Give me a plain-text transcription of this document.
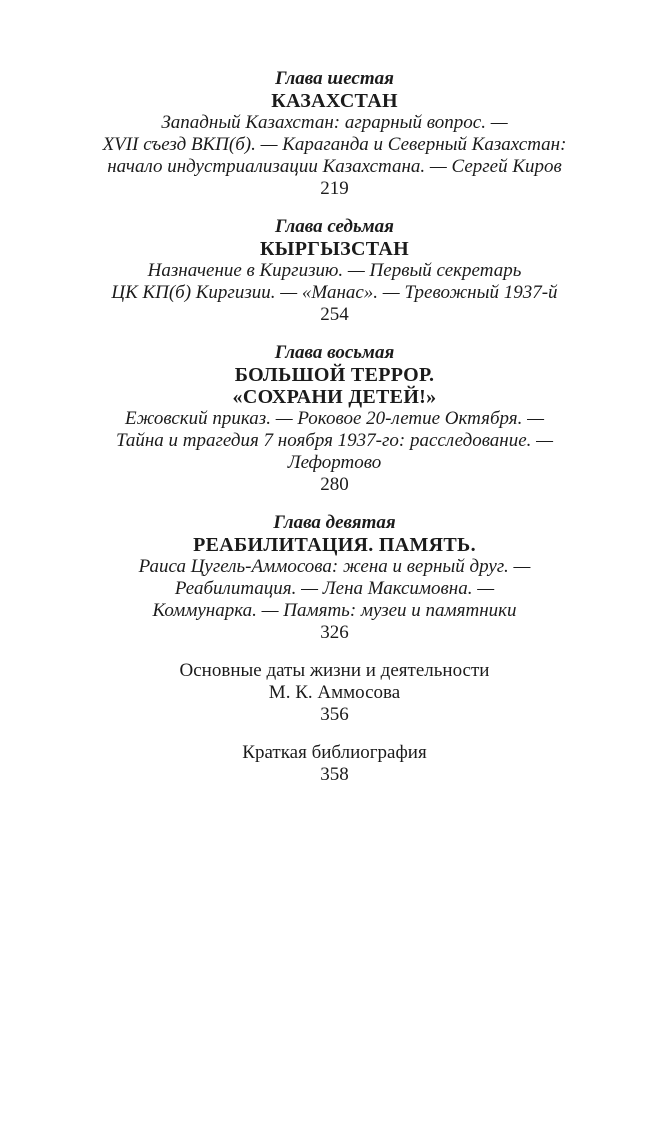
Глава шестая
КАЗАХСТАН
Западный Казахстан: аграрный вопрос. —
XVII съезд ВКП(б). — Караганда и Северный Казахстан:
начало индустриализации Казахстана. — Сергей Киров
219
Глава седьмая
КЫРГЫЗСТАН
Назначение в Киргизию. — Первый секретарь
ЦК КП(б) Киргизии. — «Манас». — Тревожный 1937-й
254
Глава восьмая
БОЛЬШОЙ ТЕРРОР.
«СОХРАНИ ДЕТЕЙ!»
Ежовский приказ. — Роковое 20-летие Октября. —
Тайна и трагедия 7 ноября 1937-го: расследование. —
Лефортово
280
Глава девятая
РЕАБИЛИТАЦИЯ. ПАМЯТЬ.
Раиса Цугель-Аммосова: жена и верный друг. —
Реабилитация. — Лена Максимовна. —
Коммунарка. — Память: музеи и памятники
326
Основные даты жизни и деятельности
М. К. Аммосова
356
Краткая библиография
358
